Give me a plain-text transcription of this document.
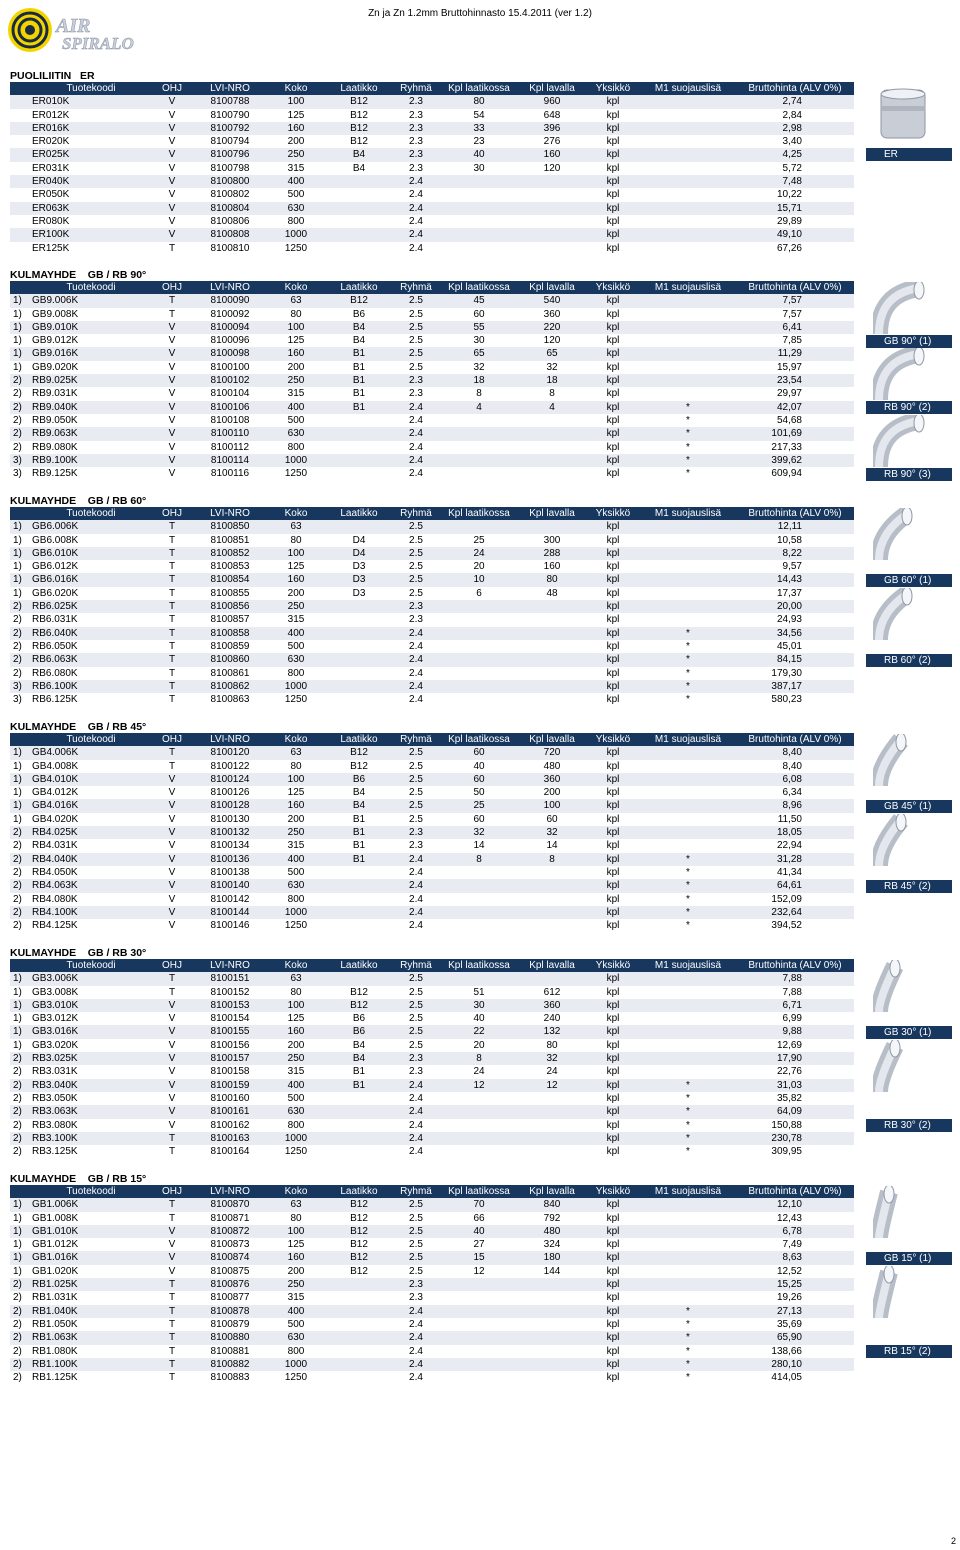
AIR
SPIRALO
Zn ja Zn 1.2mm Bruttohinnasto 15.4.2011 (ver 1.2)
PUOLILIITIN   ER
	Tuotekoodi	OHJ	LVI-NRO	Koko	Laatikko	Ryhmä	Kpl laatikossa	Kpl lavalla	Yksikkö	M1 suojauslisä	Bruttohinta (ALV 0%)
	ER010K	V	8100788	100	B12	2.3	80	960	kpl		2,74
	ER012K	V	8100790	125	B12	2.3	54	648	kpl		2,84
	ER016K	V	8100792	160	B12	2.3	33	396	kpl		2,98
	ER020K	V	8100794	200	B12	2.3	23	276	kpl		3,40
	ER025K	V	8100796	250	B4	2.3	40	160	kpl		4,25
	ER031K	V	8100798	315	B4	2.3	30	120	kpl		5,72
	ER040K	V	8100800	400		2.4			kpl		7,48
	ER050K	V	8100802	500		2.4			kpl		10,22
	ER063K	V	8100804	630		2.4			kpl		15,71
	ER080K	V	8100806	800		2.4			kpl		29,89
	ER100K	V	8100808	1000		2.4			kpl		49,10
	ER125K	T	8100810	1250		2.4			kpl		67,26
ER
KULMAYHDE    GB / RB 90°
	Tuotekoodi	OHJ	LVI-NRO	Koko	Laatikko	Ryhmä	Kpl laatikossa	Kpl lavalla	Yksikkö	M1 suojauslisä	Bruttohinta (ALV 0%)
1)	GB9.006K	T	8100090	63	B12	2.5	45	540	kpl		7,57
1)	GB9.008K	T	8100092	80	B6	2.5	60	360	kpl		7,57
1)	GB9.010K	V	8100094	100	B4	2.5	55	220	kpl		6,41
1)	GB9.012K	V	8100096	125	B4	2.5	30	120	kpl		7,85
1)	GB9.016K	V	8100098	160	B1	2.5	65	65	kpl		11,29
1)	GB9.020K	V	8100100	200	B1	2.5	32	32	kpl		15,97
2)	RB9.025K	V	8100102	250	B1	2.3	18	18	kpl		23,54
2)	RB9.031K	V	8100104	315	B1	2.3	8	8	kpl		29,97
2)	RB9.040K	V	8100106	400	B1	2.4	4	4	kpl	*	42,07
2)	RB9.050K	V	8100108	500		2.4			kpl	*	54,68
2)	RB9.063K	V	8100110	630		2.4			kpl	*	101,69
2)	RB9.080K	V	8100112	800		2.4			kpl	*	217,33
3)	RB9.100K	V	8100114	1000		2.4			kpl	*	399,62
3)	RB9.125K	V	8100116	1250		2.4			kpl	*	609,94
GB 90° (1)
RB 90° (2)
RB 90° (3)
KULMAYHDE    GB / RB 60°
	Tuotekoodi	OHJ	LVI-NRO	Koko	Laatikko	Ryhmä	Kpl laatikossa	Kpl lavalla	Yksikkö	M1 suojauslisä	Bruttohinta (ALV 0%)
1)	GB6.006K	T	8100850	63		2.5			kpl		12,11
1)	GB6.008K	T	8100851	80	D4	2.5	25	300	kpl		10,58
1)	GB6.010K	T	8100852	100	D4	2.5	24	288	kpl		8,22
1)	GB6.012K	T	8100853	125	D3	2.5	20	160	kpl		9,57
1)	GB6.016K	T	8100854	160	D3	2.5	10	80	kpl		14,43
1)	GB6.020K	T	8100855	200	D3	2.5	6	48	kpl		17,37
2)	RB6.025K	T	8100856	250		2.3			kpl		20,00
2)	RB6.031K	T	8100857	315		2.3			kpl		24,93
2)	RB6.040K	T	8100858	400		2.4			kpl	*	34,56
2)	RB6.050K	T	8100859	500		2.4			kpl	*	45,01
2)	RB6.063K	T	8100860	630		2.4			kpl	*	84,15
2)	RB6.080K	T	8100861	800		2.4			kpl	*	179,30
3)	RB6.100K	T	8100862	1000		2.4			kpl	*	387,17
3)	RB6.125K	T	8100863	1250		2.4			kpl	*	580,23
GB 60° (1)
RB 60° (2)
KULMAYHDE    GB / RB 45°
	Tuotekoodi	OHJ	LVI-NRO	Koko	Laatikko	Ryhmä	Kpl laatikossa	Kpl lavalla	Yksikkö	M1 suojauslisä	Bruttohinta (ALV 0%)
1)	GB4.006K	T	8100120	63	B12	2.5	60	720	kpl		8,40
1)	GB4.008K	T	8100122	80	B12	2.5	40	480	kpl		8,40
1)	GB4.010K	V	8100124	100	B6	2.5	60	360	kpl		6,08
1)	GB4.012K	V	8100126	125	B4	2.5	50	200	kpl		6,34
1)	GB4.016K	V	8100128	160	B4	2.5	25	100	kpl		8,96
1)	GB4.020K	V	8100130	200	B1	2.5	60	60	kpl		11,50
2)	RB4.025K	V	8100132	250	B1	2.3	32	32	kpl		18,05
2)	RB4.031K	V	8100134	315	B1	2.3	14	14	kpl		22,94
2)	RB4.040K	V	8100136	400	B1	2.4	8	8	kpl	*	31,28
2)	RB4.050K	V	8100138	500		2.4			kpl	*	41,34
2)	RB4.063K	V	8100140	630		2.4			kpl	*	64,61
2)	RB4.080K	V	8100142	800		2.4			kpl	*	152,09
2)	RB4.100K	V	8100144	1000		2.4			kpl	*	232,64
2)	RB4.125K	V	8100146	1250		2.4			kpl	*	394,52
GB 45° (1)
RB 45° (2)
KULMAYHDE    GB / RB 30°
	Tuotekoodi	OHJ	LVI-NRO	Koko	Laatikko	Ryhmä	Kpl laatikossa	Kpl lavalla	Yksikkö	M1 suojauslisä	Bruttohinta (ALV 0%)
1)	GB3.006K	T	8100151	63		2.5			kpl		7,88
1)	GB3.008K	T	8100152	80	B12	2.5	51	612	kpl		7,88
1)	GB3.010K	V	8100153	100	B12	2.5	30	360	kpl		6,71
1)	GB3.012K	V	8100154	125	B6	2.5	40	240	kpl		6,99
1)	GB3.016K	V	8100155	160	B6	2.5	22	132	kpl		9,88
1)	GB3.020K	V	8100156	200	B4	2.5	20	80	kpl		12,69
2)	RB3.025K	V	8100157	250	B4	2.3	8	32	kpl		17,90
2)	RB3.031K	V	8100158	315	B1	2.3	24	24	kpl		22,76
2)	RB3.040K	V	8100159	400	B1	2.4	12	12	kpl	*	31,03
2)	RB3.050K	V	8100160	500		2.4			kpl	*	35,82
2)	RB3.063K	V	8100161	630		2.4			kpl	*	64,09
2)	RB3.080K	V	8100162	800		2.4			kpl	*	150,88
2)	RB3.100K	T	8100163	1000		2.4			kpl	*	230,78
2)	RB3.125K	T	8100164	1250		2.4			kpl	*	309,95
GB 30° (1)
RB 30° (2)
KULMAYHDE    GB / RB 15°
	Tuotekoodi	OHJ	LVI-NRO	Koko	Laatikko	Ryhmä	Kpl laatikossa	Kpl lavalla	Yksikkö	M1 suojauslisä	Bruttohinta (ALV 0%)
1)	GB1.006K	T	8100870	63	B12	2.5	70	840	kpl		12,10
1)	GB1.008K	T	8100871	80	B12	2.5	66	792	kpl		12,43
1)	GB1.010K	V	8100872	100	B12	2.5	40	480	kpl		6,78
1)	GB1.012K	V	8100873	125	B12	2.5	27	324	kpl		7,49
1)	GB1.016K	V	8100874	160	B12	2.5	15	180	kpl		8,63
1)	GB1.020K	V	8100875	200	B12	2.5	12	144	kpl		12,52
2)	RB1.025K	T	8100876	250		2.3			kpl		15,25
2)	RB1.031K	T	8100877	315		2.3			kpl		19,26
2)	RB1.040K	T	8100878	400		2.4			kpl	*	27,13
2)	RB1.050K	T	8100879	500		2.4			kpl	*	35,69
2)	RB1.063K	T	8100880	630		2.4			kpl	*	65,90
2)	RB1.080K	T	8100881	800		2.4			kpl	*	138,66
2)	RB1.100K	T	8100882	1000		2.4			kpl	*	280,10
2)	RB1.125K	T	8100883	1250		2.4			kpl	*	414,05
GB 15° (1)
RB 15° (2)
2
